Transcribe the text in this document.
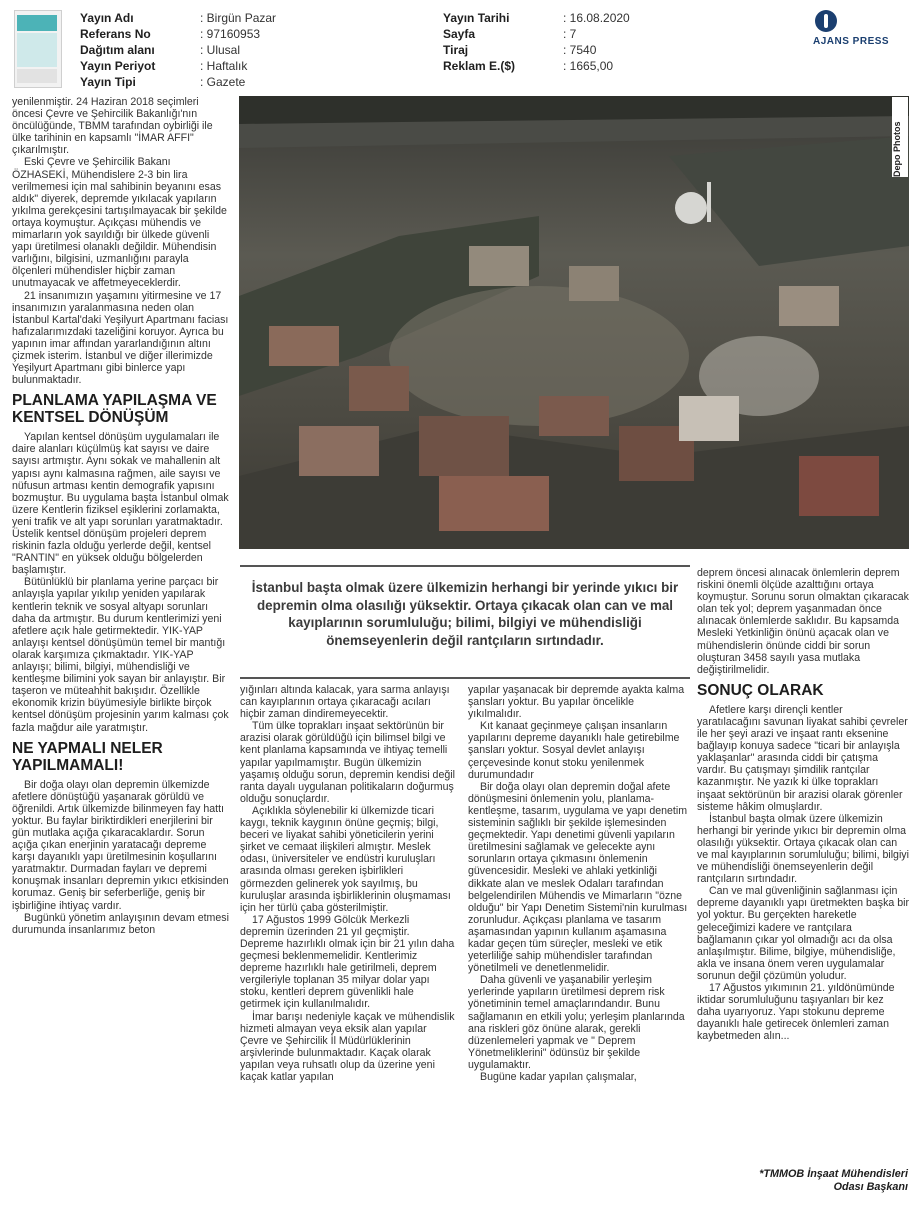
Yayın Adı	: Birgün Pazar
Referans No	: 97160953
Dağıtım alanı	: Ulusal
Yayın Periyot	: Haftalık
Yayın Tipi	: Gazete
Yayın Tarihi	: 16.08.2020
Sayfa	: 7
Tiraj	: 7540
Reklam E.($)	: 1665,00
AJANS PRESS

yenilenmiştir. 24 Haziran 2018 seçimleri öncesi Çevre ve Şehircilik Bakanlığı'nın öncülüğünde, TBMM tarafından oybirliği ile ülke tarihinin en kapsamlı "İMAR AFFI" çıkarılmıştır.

Eski Çevre ve Şehircilik Bakanı ÖZHASEKİ, Mühendislere 2-3 bin lira verilmemesi için mal sahibinin beyanını esas aldık" diyerek, depremde yıkılacak yapıların yıkılma gerekçesini tartışılmayacak bir şekilde ortaya koymuştur. Açıkçası mühendis ve mimarların yok sayıldığı bir ülkede güvenli yapı üretilmesi olanaklı değildir. Mühendisin varlığını, bilgisini, uzmanlığını parayla ölçenleri mühendisler hiçbir zaman unutmayacak ve affetmeyeceklerdir.

21 insanımızın yaşamını yitirmesine ve 17 insanımızın yaralanmasına neden olan İstanbul Kartal'daki Yeşilyurt Apartmanı faciası hafızalarımızdaki tazeliğini koruyor. Ayrıca bu yapının imar affından yararlandığının altını çizmek isterim. İstanbul ve diğer illerimizde Yeşilyurt Apartmanı gibi binlerce yapı bulunmaktadır.

PLANLAMA YAPILAŞMA VE KENTSEL DÖNÜŞÜM

Yapılan kentsel dönüşüm uygulamaları ile daire alanları küçülmüş kat sayısı ve daire sayısı artmıştır. Aynı sokak ve mahallenin alt yapısı aynı kalmasına rağmen, aile sayısı ve nüfusun artması kentin demografik yapısını bozmuştur. Bu uygulama başta İstanbul olmak üzere Kentlerin fiziksel eşiklerini zorlamakta, yeni trafik ve alt yapı sorunları yaratmaktadır. Üstelik kentsel dönüşüm projeleri deprem riskinin fazla olduğu yerlerde değil, kentsel "RANTIN" en yüksek olduğu bölgelerden başlamıştır.

Bütünlüklü bir planlama yerine parçacı bir anlayışla yapılar yıkılıp yeniden yapılarak kentlerin teknik ve sosyal altyapı sorunları daha da artmıştır. Bu durum kentlerimizi yeni afetlere açık hale getirmektedir. YIK-YAP anlayışı kentsel dönüşümün temel bir mantığı olarak karşımıza çıkmaktadır. YIK-YAP anlayışı; bilimi, bilgiyi, mühendisliği ve kentleşme bilimini yok sayan bir anlayıştır. Bir taşeron ve müteahhit bakışıdır. Özellikle ekonomik krizin büyümesiyle birlikte birçok kentsel dönüşüm projesinin yarım kalması çok fazla mağdur aile yaratmıştır.

NE YAPMALI NELER YAPILMAMALI!

Bir doğa olayı olan depremin ülkemizde afetlere dönüştüğü yaşanarak görüldü ve öğrenildi. Artık ülkemizde bilinmeyen fay hattı yoktur. Bu faylar biriktirdikleri enerjilerini bir gün mutlaka açığa çıkaracaklardır. Sorun açığa çıkan enerjinin yaratacağı depreme karşı dayanıklı yapı üretilmesinin koşullarını yaratmaktır. Durmadan fayları ve depremi konuşmak insanları depremin yıkıcı etkisinden korumaz. Geniş bir seferberliğe, geniş bir işbirliğine ihtiyaç vardır.

Bugünkü yönetim anlayışının devam etmesi durumunda insanlarımız beton

Depo Photos
İstanbul başta olmak üzere ülkemizin herhangi bir yerinde yıkıcı bir depremin olma olasılığı yüksektir. Ortaya çıkacak olan can ve mal kayıplarının sorumluluğu; bilimi, bilgiyi ve mühendisliği önemseyenlerin değil rantçıların sırtındadır.

yığınları altında kalacak, yara sarma anlayışı can kayıplarının ortaya çıkaracağı acıları hiçbir zaman dindiremeyecektir.

Tüm ülke toprakları inşaat sektörünün bir arazisi olarak görüldüğü için bilimsel bilgi ve kent planlama kapsamında ve ihtiyaç temelli yapılar yapılmamıştır. Bugün ülkemizin yaşamış olduğu sorun, depremin kendisi değil ranta dayalı uygulanan politikaların doğurmuş olduğu sonuçlardır.

Açıklıkla söylenebilir ki ülkemizde ticari kaygı, teknik kaygının önüne geçmiş; bilgi, beceri ve liyakat sahibi yöneticilerin yerini şirket ve cemaat ilişkileri almıştır. Meslek odası, üniversiteler ve endüstri kuruluşları arasında olması gereken işbirlikleri görmezden gelinerek yok sayılmış, bu kuruluşlar arasında işbirliklerinin oluşmaması için her türlü çaba gösterilmiştir.

17 Ağustos 1999 Gölcük Merkezli depremin üzerinden 21 yıl geçmiştir. Depreme hazırlıklı olmak için bir 21 yılın daha geçmesi beklenmemelidir. Kentlerimiz depreme hazırlıklı hale getirilmeli, deprem vergileriyle toplanan 35 milyar dolar yapı stoku, kentleri deprem güvenlikli hale getirmek için kullanılmalıdır.

İmar barışı nedeniyle kaçak ve mühendislik hizmeti almayan veya eksik alan yapılar Çevre ve Şehircilik İl Müdürlüklerinin arşivlerinde bulunmaktadır. Kaçak olarak yapılan veya ruhsatlı olup da üzerine yeni kaçak katlar yapılan

yapılar yaşanacak bir depremde ayakta kalma şansları yoktur. Bu yapılar öncelikle yıkılmalıdır.

Kıt kanaat geçinmeye çalışan insanların yapılarını depreme dayanıklı hale getirebilme şansları yoktur. Sosyal devlet anlayışı çerçevesinde konut stoku yenilenmek durumundadır

Bir doğa olayı olan depremin doğal afete dönüşmesini önlemenin yolu, planlama-kentleşme, tasarım, uygulama ve yapı denetim sisteminin sağlıklı bir şekilde işlemesinden geçmektedir. Yapı denetimi güvenli yapıların üretilmesini sağlamak ve gelecekte aynı sorunların ortaya çıkmasını önlemenin güvencesidir. Mesleki ve ahlaki yetkinliği dikkate alan ve meslek Odaları tarafından belgelendirilen Mühendis ve Mimarların "özne olduğu" bir Yapı Denetim Sistemi'nin kurulması zorunludur. Açıkçası planlama ve tasarım aşamasından yapının kullanım aşamasına kadar geçen tüm süreçler, mesleki ve etik yeterliliğe sahip mühendisler tarafından yönetilmeli ve denetlenmelidir.

Daha güvenli ve yaşanabilir yerleşim yerlerinde yapıların üretilmesi deprem risk yönetiminin temel amaçlarındandır. Bunu sağlamanın en etkili yolu; yerleşim planlarında ana riskleri göz önüne alarak, gerekli düzenlemeleri yapmak ve " Deprem Yönetmeliklerini" ödünsüz bir şekilde uygulamaktır.

Bugüne kadar yapılan çalışmalar,

deprem öncesi alınacak önlemlerin deprem riskini önemli ölçüde azalttığını ortaya koymuştur. Sorunu sorun olmaktan çıkaracak olan tek yol; deprem yaşanmadan önce alınacak önlemlerde saklıdır. Bu kapsamda Mesleki Yetkinliğin önünü açacak olan ve mühendislerin önünde ciddi bir sorun oluşturan 3458 sayılı yasa mutlaka değiştirilmelidir.

SONUÇ OLARAK

Afetlere karşı dirençli kentler yaratılacağını savunan liyakat sahibi çevreler ile her şeyi arazi ve inşaat rantı eksenine bağlayıp konuya sadece "ticari bir anlayışla yaklaşanlar" arasında ciddi bir çatışma vardır. Bu çatışmayı şimdilik rantçılar kazanmıştır. Ne yazık ki ülke toprakları inşaat sektörünün bir arazisi olarak görenler sisteme hâkim olmuşlardır.

İstanbul başta olmak üzere ülkemizin herhangi bir yerinde yıkıcı bir depremin olma olasılığı yüksektir. Ortaya çıkacak olan can ve mal kayıplarının sorumluluğu; bilimi, bilgiyi ve mühendisliği önemseyenlerin değil rantçıların sırtındadır.

Can ve mal güvenliğinin sağlanması için depreme dayanıklı yapı üretmekten başka bir yol yoktur. Bu gerçekten hareketle geleceğimizi kadere ve rantçılara bağlamanın çıkar yol olmadığı acı da olsa anlaşılmıştır. Bilime, bilgiye, mühendisliğe, akla ve insana önem veren uygulamalar sorunun değil çözümün yoludur.

17 Ağustos yıkımının 21. yıldönümünde iktidar sorumluluğunu taşıyanları bir kez daha uyarıyoruz. Yapı stokunu depreme dayanıklı hale getirecek önlemleri zaman kaybetmeden alın...

*TMMOB İnşaat Mühendisleri
Odası Başkanı
